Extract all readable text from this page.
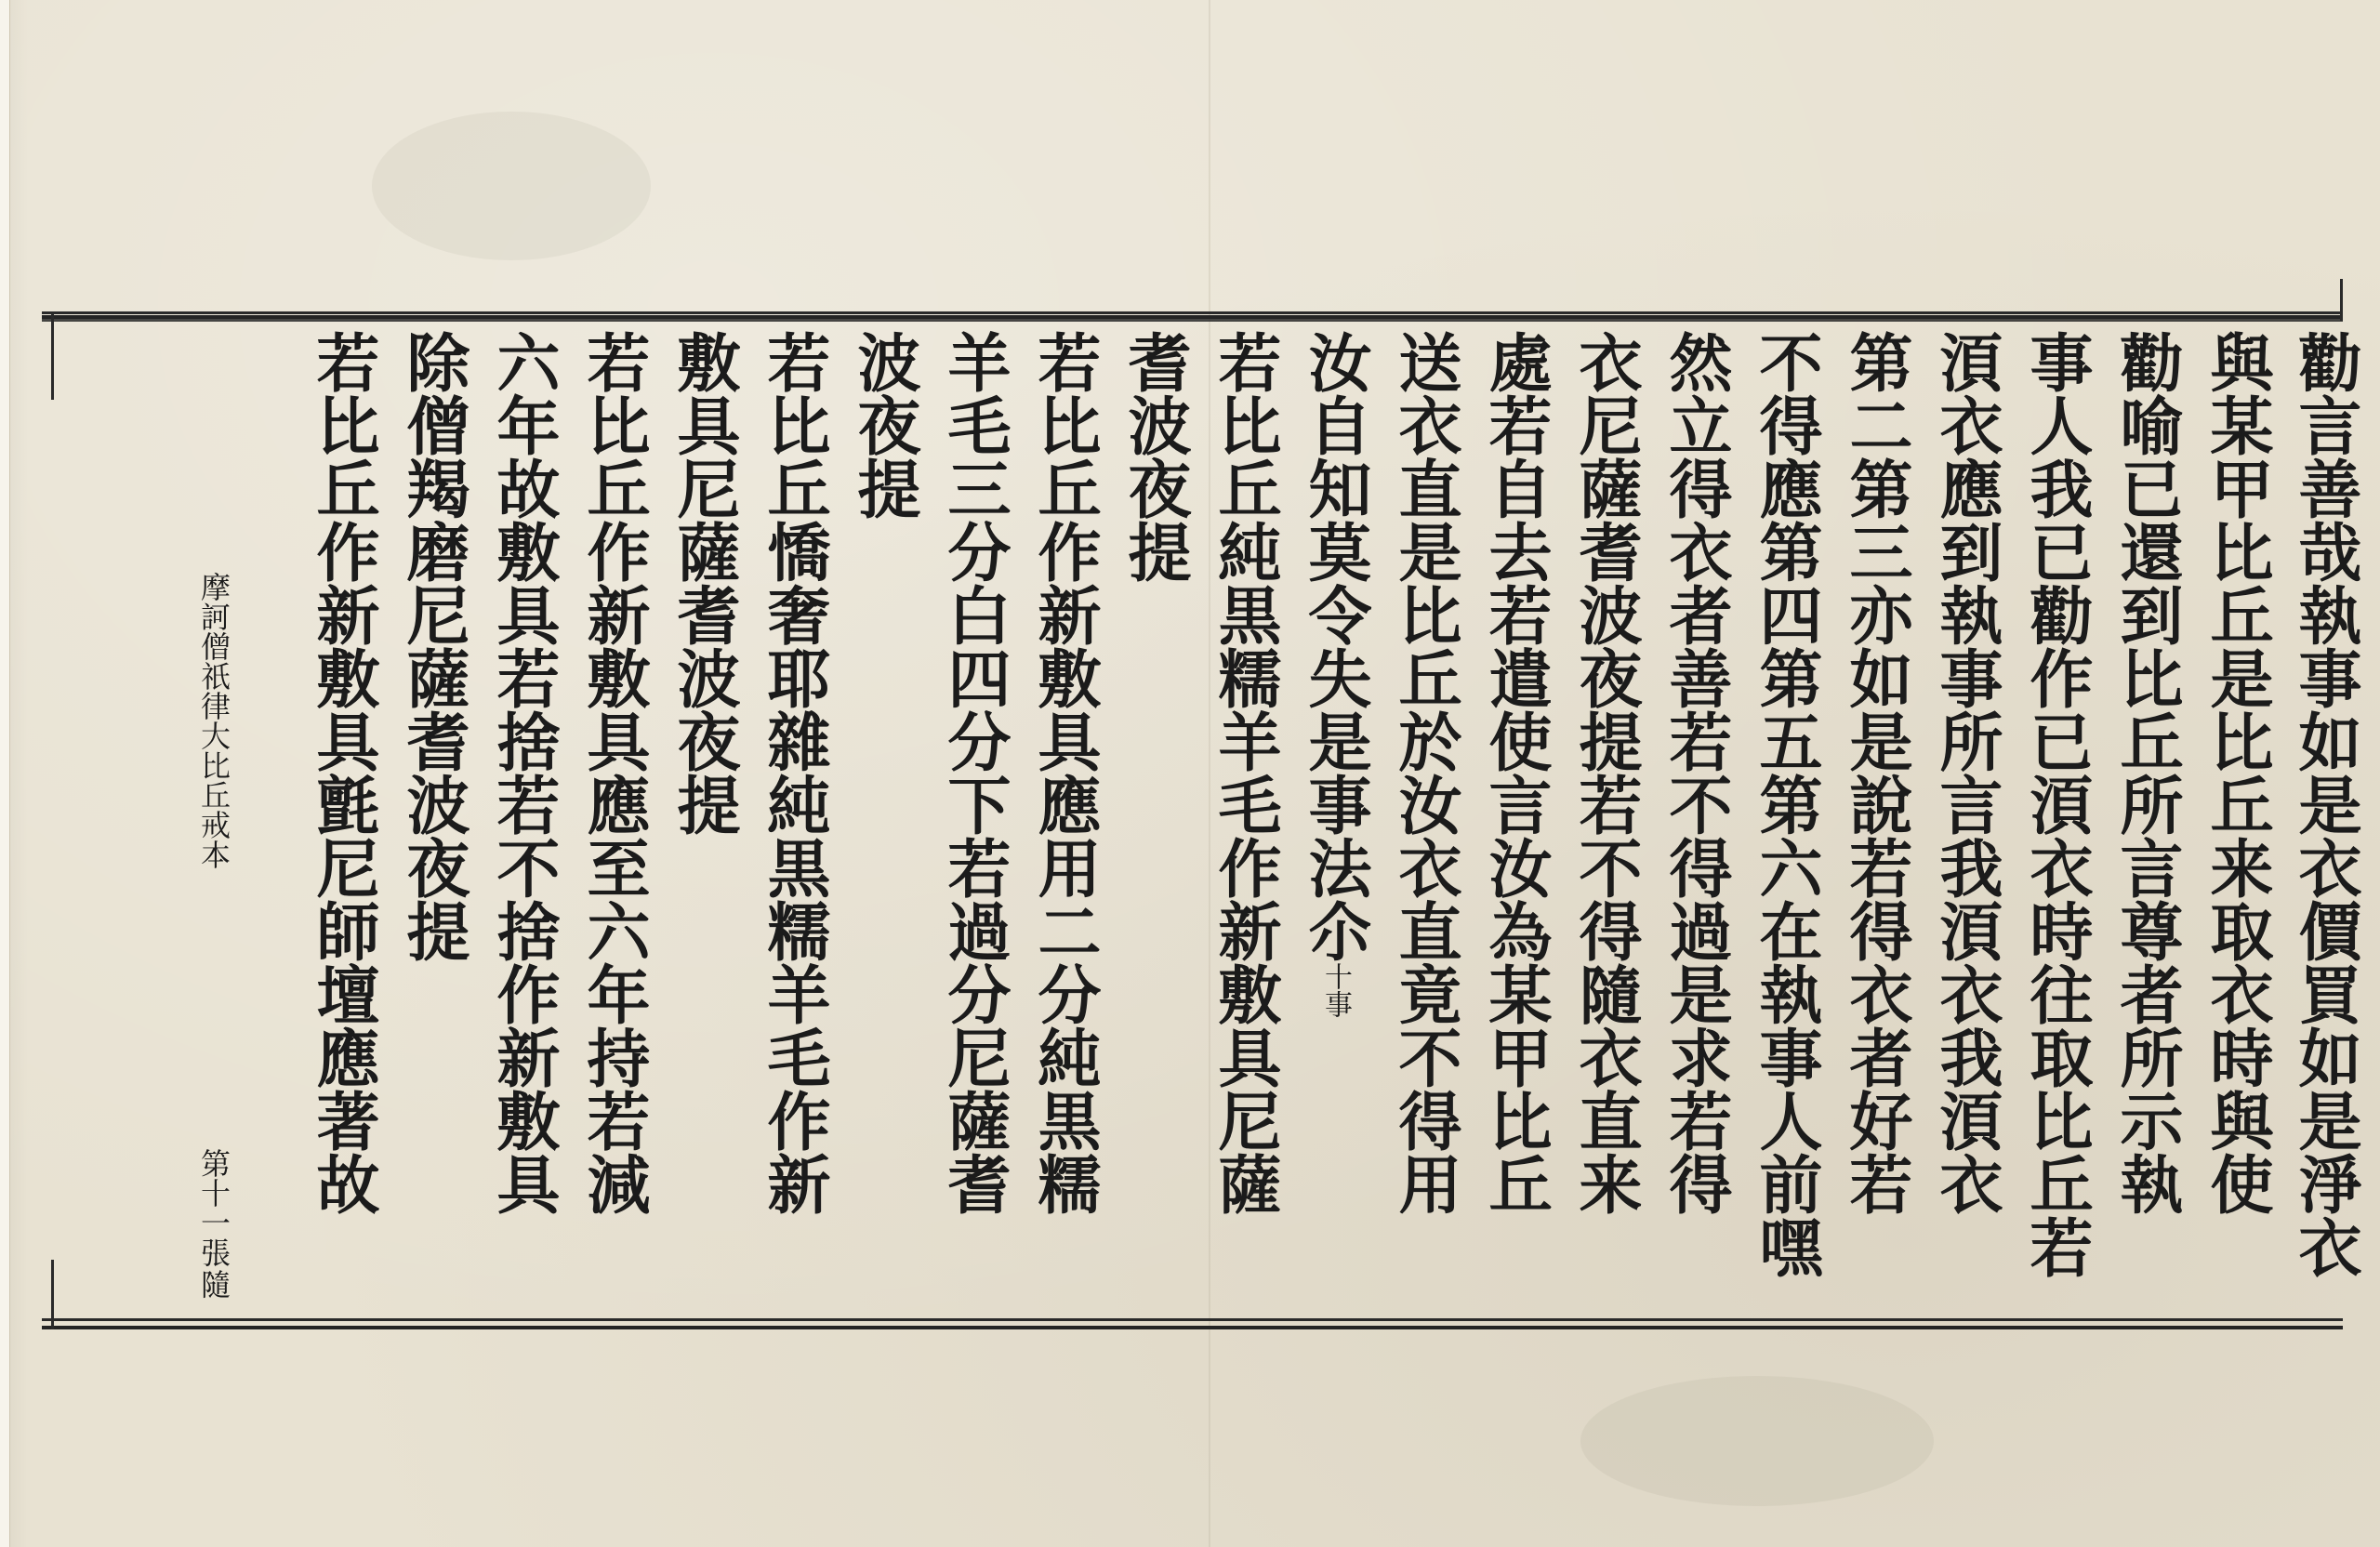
勸言善哉執事如是衣價買如是淨衣
與某甲比丘是比丘来取衣時與使
勸喻已還到比丘所言尊者所示執
事人我已勸作已湏衣時往取比丘若
湏衣應到執事所言我湏衣我湏衣
第二第三亦如是說若得衣者好若
不得應第四第五第六在執事人前嘿
然立得衣者善若不得過是求若得
衣尼薩耆波夜提若不得隨衣直来
處若自去若遣使言汝為某甲比丘
送衣直是比丘於汝衣直竟不得用
汝自知莫令失是事法尒十事
若比丘純黒糯羊毛作新敷具尼薩
耆波夜提
若比丘作新敷具應用二分純黒糯
羊毛三分白四分下若過分尼薩耆
波夜提
若比丘憍奢耶雜純黒糯羊毛作新
敷具尼薩耆波夜提
若比丘作新敷具應至六年持若減
六年故敷具若捨若不捨作新敷具
除僧羯磨尼薩耆波夜提
若比丘作新敷具氈尼師壇應著故
摩訶僧祇律大比丘戒本
第十一張
隨
